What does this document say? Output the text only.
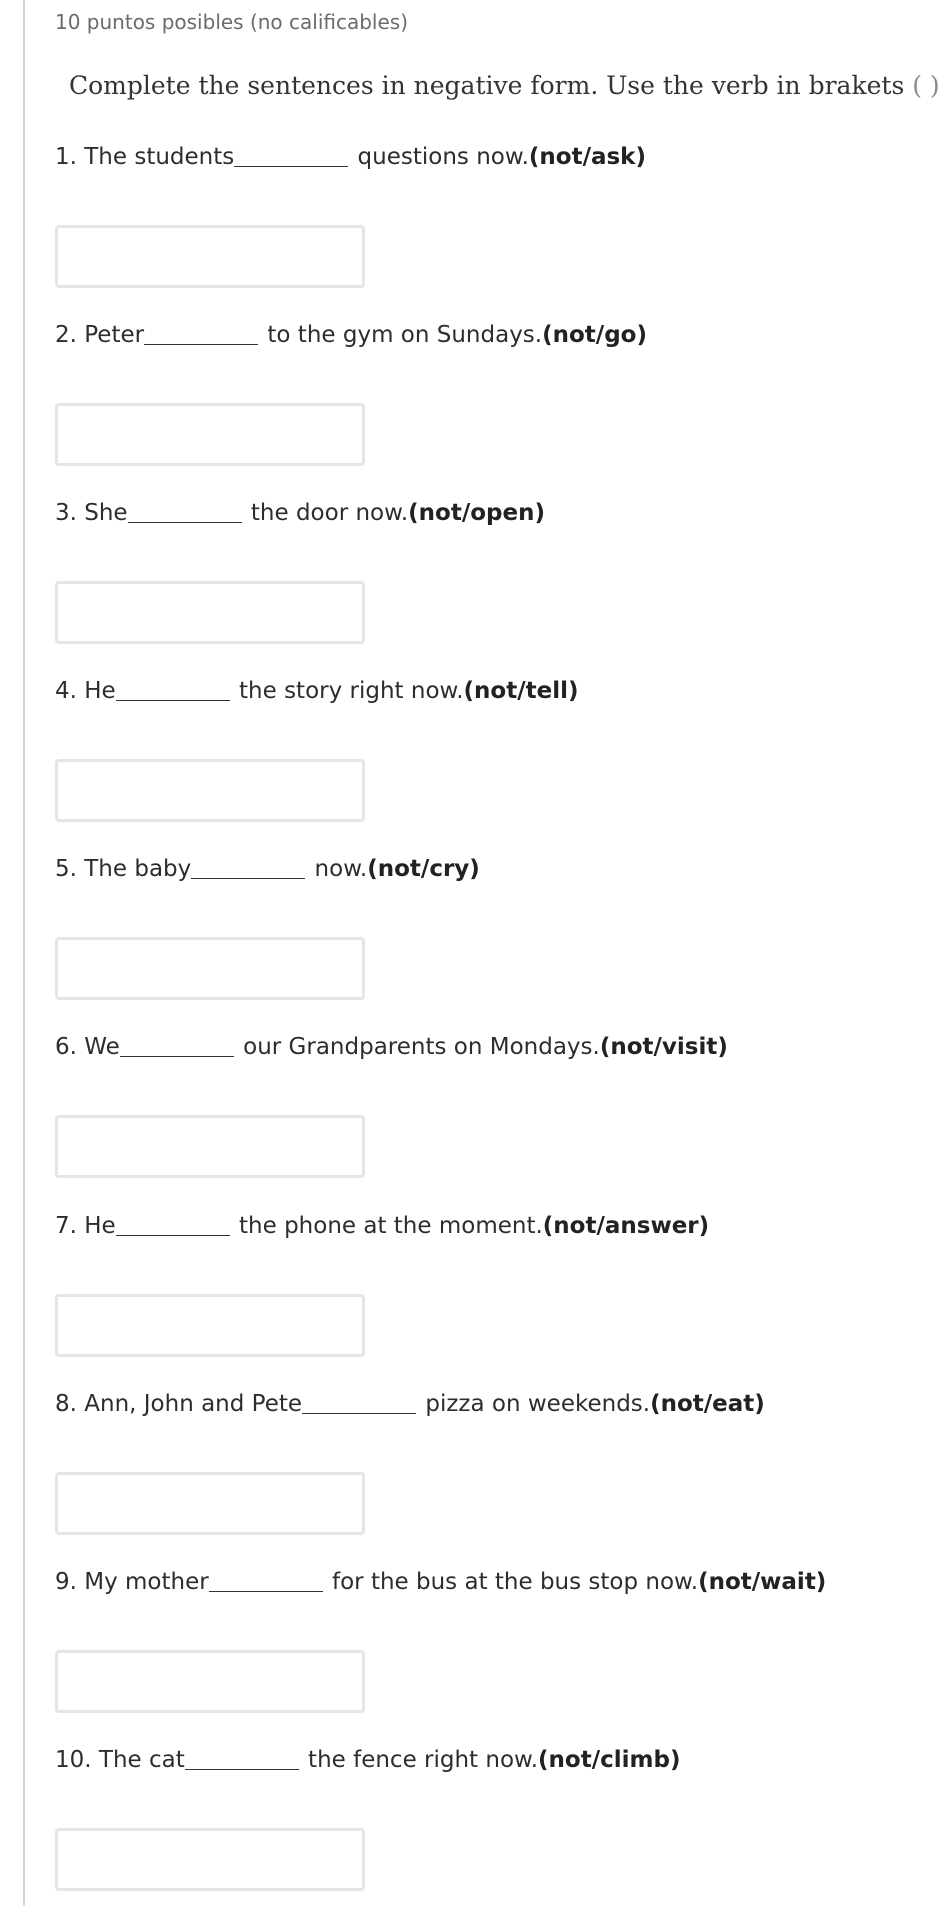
10 puntos posibles (no calificables)
Complete the sentences in negative form. Use the verb in brakets ( )
1. The students	questions now.(not/ask)
2. Peter	to the gym on Sundays.(not/go)
3. She	the door now.(not/open)
4. He	the story right now.(not/tell)
5. The baby	now.(not/cry)
6. We	our Grandparents on Mondays.(not/visit)
7. He	the phone at the moment.(not/answer)
8. Ann, John and Pete	pizza on weekends.(not/eat)
9. My mother	for the bus at the bus stop now.(not/wait)
10. The cat	the fence right now.(not/climb)
